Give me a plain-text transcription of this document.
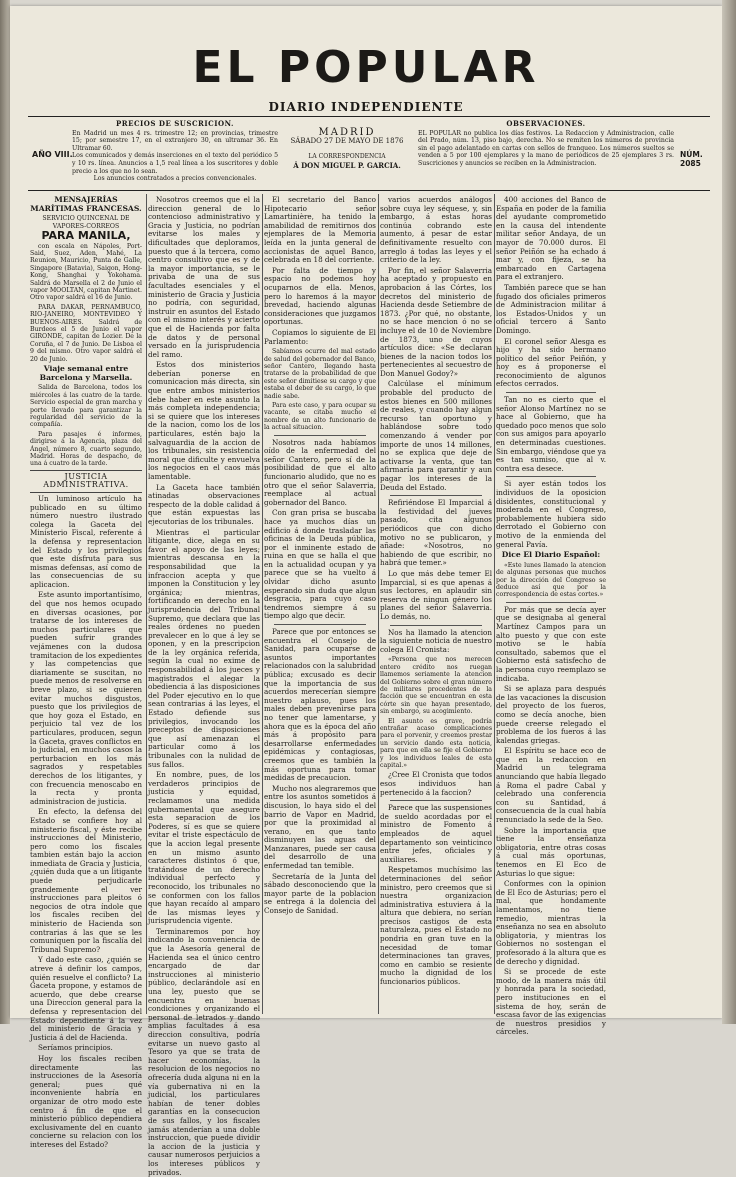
EL POPULAR
DIARIO INDEPENDIENTE
AÑO VIII.
PRECIOS DE SUSCRICION.
En Madrid un mes 4 rs. trimestre 12; en provincias, trimestre 15; por semestre 17, en el extranjero 30, en ultramar 36. En Ultramar 60.
Los comunicados y demás inserciones en el texto del periódico 5 y 10 rs. línea. Anuncios a 1,5 real línea a los suscritores y doble precio a los que no lo sean.
Los anuncios contratados a precios convencionales.
MADRID
SÁBADO 27 DE MAYO DE 1876
LA CORRESPONDENCIA
Á DON MIGUEL P. GARCIA.
OBSERVACIONES.
EL POPULAR no publica los días festivos. La Redaccion y Administracion, calle del Prado, núm. 13, piso bajo, derecha. No se remiten los números de provincia sin el pago adelantado en cartas con sellos de franqueo. Los números sueltos se venden a 5 por 100 ejemplares y la mano de periódicos de 25 ejemplares 3 rs. Suscriciones y anuncios se reciben en la Administracion.
NÚM. 2085

MENSAJERÍAS MARÍTIMAS FRANCESAS.

SERVICIO QUINCENAL DE VAPORES-CORREOS

PARA MANILA,

con escala en Nápoles, Port-Said, Suez, Aden, Mahé, La Reunion, Mauricio, Punta de Galle, Singapore (Batavia), Saigon, Hong-Kong, Shanghai y Yokohama. Saldrá de Marsella el 2 de Junio el vapor MOOLTAN, capitan Martinet. Otro vapor saldrá el 16 de Junio.

PARA DAKAR, PERNAMBUCO, RIO-JANEIRO, MONTEVIDEO Y BUENOS-AIRES. Saldrá de Burdeos el 5 de Junio el vapor GIRONDE, capitan de Lozier. De la Coruña, el 7 de Junio. De Lisboa el 9 del mismo. Otro vapor saldrá el 20 de Junio.

Viaje semanal entre Barcelona y Marsella.

Salida de Barcelona, todos los miércoles á las cuatro de la tarde. Servicio especial de gran marcha y porte llevado para garantizar la regularidad del servicio de la compañía.

Para pasajes é informes, dirigirse á la Agencia, plaza del Ángel, número 8, cuarto segundo, Madrid. Horas de despacho, de una á cuatro de la tarde.

JUSTICIA ADMINISTRATIVA.

Un luminoso artículo ha publicado en su último número nuestro ilustrado colega la Gaceta del Ministerio Fiscal, referente á la defensa y representacion del Estado y los privilegios que este disfruta para sus mismas defensas, así como de las consecuencias de su aplicacion.

Este asunto importantísimo, del que nos hemos ocupado en diversas ocasiones, por tratarse de los intereses de muchos particulares que pueden sufrir grandes vejámenes con la dudosa tramitacion de los expedientes y las competencias que diariamente se suscitan, no puede menos de resolverse en breve plazo, si se quieren evitar muchos disgustos, puesto que los privilegios de que hoy goza el Estado, en perjuicio tal vez de los particulares, producen, segun la Gaceta, graves conflictos en lo judicial, en muchos casos la perturbacion en los más sagrados y respetables derechos de los litigantes, y con frecuencia menoscabo en la recta y pronta administracion de justicia.

En efecto, la defensa del Estado se confiere hoy al ministerio fiscal, y éste recibe instrucciones del Ministerio, pero como los fiscales tambien están bajo la accion inmediata de Gracia y Justicia, ¿quién duda que a un litigante puede perjudicarle grandemente el ver instrucciones para pleitos ó negocios de otra índole que los fiscales reciben del ministerio de Hacienda son contrarias á las que se les comuniquen por la fiscalía del Tribunal Supremo?

Y dado este caso, ¿quién se atreve á definir los campos, quién resuelve el conflicto? La Gaceta propone, y estamos de acuerdo, que debe crearse una Direccion general para la defensa y representacion del Estado dependiente á la vez del ministerio de Gracia y Justicia á del de Hacienda.

Seríamos principios.

Hoy los fiscales reciben directamente las instrucciones de la Asesoría general; pues qué inconveniente habría en organizar de otro modo este centro á fin de que el ministerio público dependiera exclusivamente del en cuanto concierne su relacion con los intereses del Estado?

Nosotros creemos que el la direccion general de lo contencioso administrativo y Gracia y Justicia, no podrían evitarse los males y dificultades que deploramos, puesto que á la tercera, como centro consultivo que es y de la mayor importancia, se le privaba de una de sus facultades esenciales y el ministerio de Gracia y Justicia no podría, con seguridad, instruir en asuntos del Estado con el mismo interés y acierto que el de Hacienda por falta de datos y de personal versado en la jurisprudencia del ramo.

Estos dos ministerios deberían ponerse en comunicacion más directa, sin que entre ambos ministerios debe haber en este asunto la más completa independencia; si se quiere que los intereses de la nacion, como los de los particulares, estén bajo la salvaguardia de la accion de los tribunales, sin resistencia moral que dificulte y envuelva los negocios en el caos más lamentable.

La Gaceta hace también atinadas observaciones respecto de la doble calidad á que están expuestas las ejecutorias de los tribunales.

Mientras el particular litigante, dice, alega en su favor el apoyo de las leyes; mientras descansa en la responsabilidad que la infraccion acepta y que imponen la Constitucion y ley orgánica; mientras, fortificando en derecho en la jurisprudencia del Tribunal Supremo, que declara que las reales órdenes no pueden prevalecer en lo que á ley se oponen, y en la prescripcion de la ley orgánica referida, según la cual no exime de responsabilidad á los jueces y magistrados el alegar la obediencia á las disposiciones del Poder ejecutivo en lo que sean contrarias á las leyes, el Estado defiende sus privilegios, invocando los preceptos de disposiciones que así amenazan el particular como á los tribunales con la nulidad de sus fallos.

En nombre, pues, de los verdaderos principios de justicia y equidad, reclamamos una medida gubernamental que asegure esta separacion de los Poderes, sí es que se quiere evitar el triste espectáculo de que la accion legal presente en un mismo asunto caracteres distintos ó que, tratándose de un derecho individual perfecto y reconocido, los tribunales no se conformen con los fallos que hayan recaído al amparo de las mismas leyes y jurisprudencia vigente.

Terminaremos por hoy indicando la conveniencia de que la Asesoría general de Hacienda sea el único centro encargado de dar instrucciones al ministerio público, declarándole así en una ley, puesto que se encuentra en buenas condiciones y organizando el personal de letrados y dando amplias facultades á esa direccion consultiva, podría evitarse un nuevo gasto al Tesoro ya que se trata de hacer economías, la resolucion de los negocios no ofrecería duda alguna ni en la vía gubernativa ni en la judicial, los particulares habían de tener dobles garantías en la consecucion de sus fallos, y los fiscales jamás atenderían a una doble instruccion, que puede dividir la accion de la justicia y causar numerosos perjuicios a los intereses públicos y privados.

El secretario del Banco Hipotecario señor Lamartinière, ha tenido la amabilidad de remitirnos dos ejemplares de la Memoria leída en la junta general de accionistas de aquel Banco, celebrada en 18 del corriente.

Por falta de tiempo y espacio no podemos hoy ocuparnos de ella. Menos, pero lo haremos á la mayor brevedad, haciendo algunas consideraciones que juzgamos oportunas.

Copiamos lo siguiente de El Parlamento:

Sabíamos ocurre del mal estado de salud del gobernador del Banco, señor Cantero, llegando hasta tratarse de la probabilidad de que este señor dimitiese su cargo y que estaba el deber de su cargo, lo que nadie sabe.

Para este caso, y para ocupar su vacante, se citaba mucho el nombre de un alto funcionario de la actual situacion.

Nosotros nada habíamos oído de la enfermedad del señor Cantero, pero sí de la posibilidad de que el alto funcionario aludido, que no es otro que el señor Salaverria, reemplace al actual gobernador del Banco.

Con gran prisa se buscaba hace ya muchos días un edificio á donde trasladar las oficinas de la Deuda pública, por el inminente estado de ruina en que se halla el que en la actualidad ocupan y ya parece que se ha vuelto á olvidar dicho asunto esperando sin duda que algun desgracia, para cuyo caso tendremos siempre á su tiempo algo que decir.

Parece que por entonces se encuentra el Consejo de Sanidad, para ocuparse de asuntos importantes relacionados con la salubridad pública; excusado es decir que la importancia de sus acuerdos merecerían siempre nuestro aplauso, pues los males deben prevenirse para no tener que lamentarse, y ahora que es la época del año más á propósito para desarrollarse enfermedades epidémicas y contagiosas, creemos que es también la más oportuna para tomar medidas de precaucion.

Mucho nos alegraremos que entre los asuntos sometidos á discusion, lo haya sido el del barrio de Vapor en Madrid, por que la proximidad al verano, en que tanto disminuyen las aguas del Manzanares, puede ser causa del desarrollo de una enfermedad tan temible.

Secretaría de la Junta del sábado desconociendo que la mayor parte de la poblacion se entrega á la dolencia del Consejo de Sanidad.

varios acuerdos análogos sobre cuya ley séquese, y, sin embargo, á estas horas continúa cobrando este aumento, á pesar de estar definitivamente resuelto con arreglo á todas las leyes y el criterio de la ley.

Por fin, el señor Salaverria ha aceptado y propuesto en aprobacion á las Córtes, los decretos del ministerio de Hacienda desde Setiembre de 1873. ¿Por qué, no obstante, no se hace mencion ó no se incluye el de 10 de Noviembre de 1873, uno de cuyos artículos dice: «Se declaran bienes de la nacion todos los pertenecientes al secuestro de Don Manuel Godoy?»

Calcúlase el mínimum probable del producto de estos bienes en 500 millones de reales, y cuando hay algun recurso tan oportuno y hablándose sobre todo comenzando á vender por importe de unos 14 millones, no se explica que deje de activarse la venta, que tan afirmaría para garantir y aun pagar los intereses de la Deuda del Estado.

Refiriéndose El Imparcial á la festividad del jueves pasado, cita algunos periódicos que con dicho motivo no se publicaron, y añade: «Nosotros, no habiendo de que escribir, no habrá que temer.»

Lo que más debe temer El Imparcial, si es que apenas á sus lectores, en aplaudir sin reserva de ningun género los planes del señor Salaverria. Lo demás, no.

Nos ha llamado la atencion la siguiente noticia de nuestro colega El Cronista:

«Persona que nos merecen entero crédito nos ruegan llamemos seriamente la atencion del Gobierno sobre el gran número de militares procedentes de la facción que se encuentran en esta córte sin que hayan presentado, sin embargo, su acogimiento.

El asunto es grave, podría entrañar acaso complicaciones para el porvenir, y creemos prestar un servicio dando esta noticia, para que en ella se fije el Gobierno y los individuos leales de esta capital.»

¿Cree El Cronista que todos esos individuos han pertenecido á la faccion?

Parece que las suspensiones de sueldo acordadas por el ministro de Fomento á empleados de aquel departamento son veinticinco entre jefes, oficiales y auxiliares.

Respetamos muchísimo las determinaciones del señor ministro, pero creemos que si nuestra organizacion administrativa estuviera á la altura que debiera, no serían precisos castigos de esta naturaleza, pues el Estado no pondria en gran tuve en la necesidad de tomar determinaciones tan graves, como en cambio se resiente mucho la dignidad de los funcionarios públicos.

400 acciones del Banco de España en poder de la familia del ayudante comprometido en la causa del intendente militar señor Andaya, de un mayor de 70.000 duros. El señor Peiñón se ha echado á mar y, con fijeza, se ha embarcado en Cartagena para el extranjero.

También parece que se han fugado dos oficiales primeros de Administracion militar á los Estados-Unidos y un oficial tercero á Santo Domingo.

El coronel señor Alesga es hijo y ha sido hermano político del señor Peiñón, y hoy es á proponerse el reconocimiento de algunos efectos cerrados.

Tan no es cierto que el señor Alonso Martínez no se hace al Gobierno, que ha quedado poco menos que solo con sus amigos para apoyarlo en determinadas cuestiones. Sin embargo, viéndose que ya es tan sumiso, que al v. contra esa desece.

Si ayer están todos los individuos de la oposicion disidentes, constitucional y moderada en el Congreso, probablemente hubiera sido derrotado el Gobierno con motivo de la enmienda del general Pavía.

Dice El Diario Español:

«Este lunes llamado la atencion de algunas personas que muchos por la dirección del Congreso se deduce así que por la correspondencia de estas cortes.»

Por más que se decía ayer que se designaba al general Martínez Campos para un alto puesto y que con este motivo se le había consultado, sabemos que el Gobierno está satisfecho de la persona cuyo reemplazo se indicaba.

Si se aplaza para después de las vacaciones la discusion del proyecto de los fueros, como se decía anoche, bien puede creerse relegado el problema de los fueros á las kalendas griegas.

El Espíritu se hace eco de que en la redaccion en Madrid un telegrama anunciando que había llegado á Roma el padre Cabal y celebrado una conferencia con su Santidad, á consecuencia de la cual había renunciado la sede de la Seo.

Sobre la importancia que tiene la enseñanza obligatoria, entre otras cosas á cual más oportunas, tenemos en El Eco de Asturias lo que sigue:

Conformes con la opinion de El Eco de Asturias; pero el mal, que hondamente lamentamos, no tiene remedio, mientras la enseñanza no sea en absoluto obligatoria, y mientras los Gobiernos no sostengan el profesorado á la altura que es de derecho y dignidad.

Si se procede de este modo, de la manera más útil y honrada para la sociedad, pero instituciones en el sistema de hoy, serán de escasa favor de las exigencias de nuestros presidios y cárceles.
